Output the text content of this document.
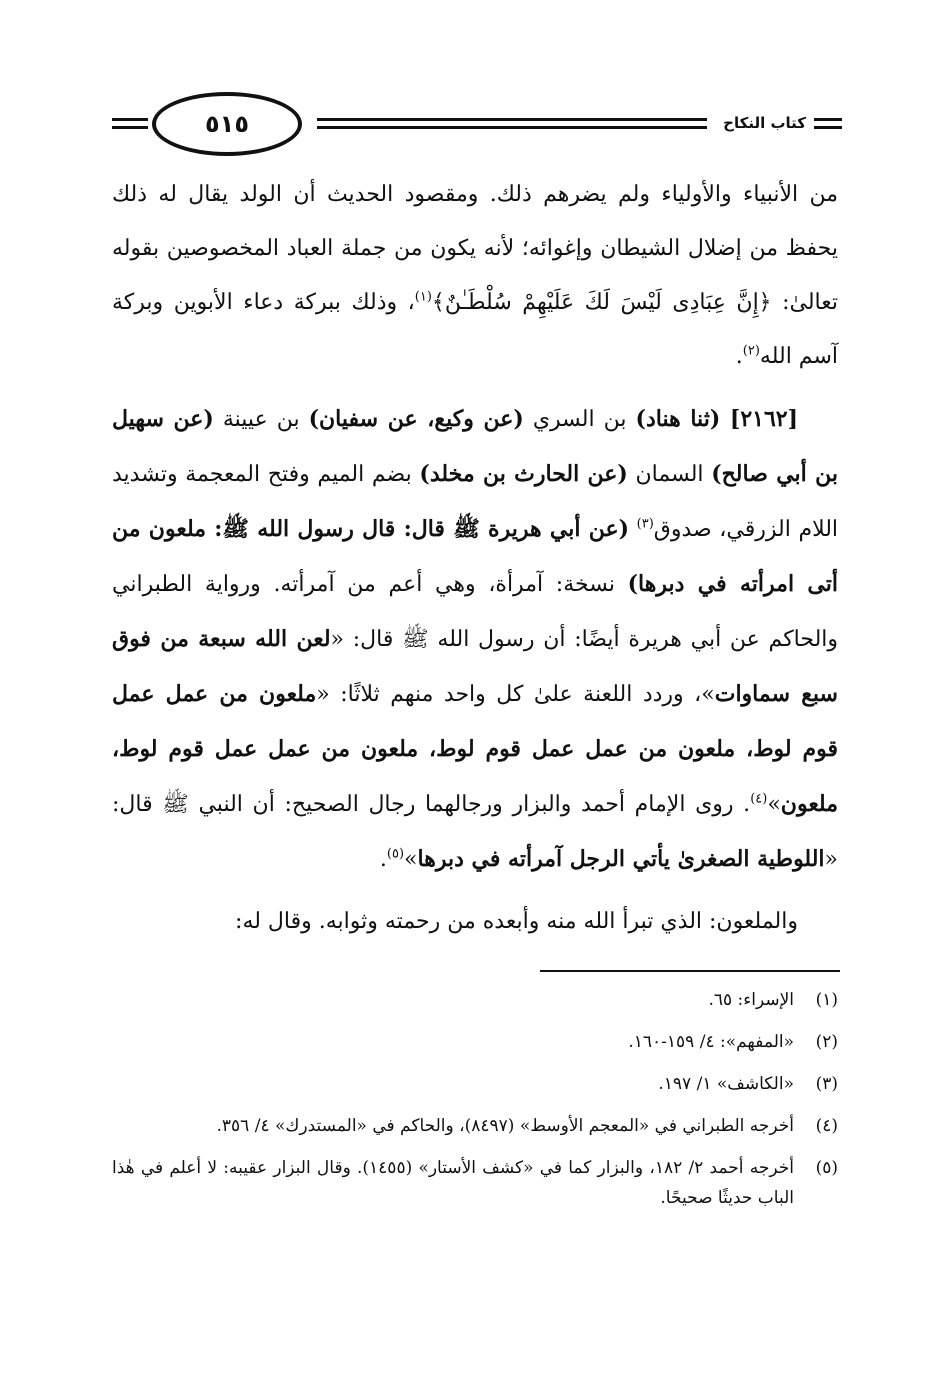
٥١٥	كتاب النكاح

من الأنبياء والأولياء ولم يضرهم ذلك. ومقصود الحديث أن الولد يقال له ذلك يحفظ من إضلال الشيطان وإغوائه؛ لأنه يكون من جملة العباد المخصوصين بقوله تعالىٰ: ﴿إِنَّ عِبَادِى لَيْسَ لَكَ عَلَيْهِمْ سُلْطَـٰنٌ﴾$^{(١)}$، وذلك ببركة دعاء الأبوين وبركة آسم الله$^{(٢)}$.

[٢١٦٢] (ثنا هناد) بن السري (عن وكيع، عن سفيان) بن عيينة (عن سهيل بن أبي صالح) السمان (عن الحارث بن مخلد) بضم الميم وفتح المعجمة وتشديد اللام الزرقي، صدوق$^{(٣)}$ (عن أبي هريرة ﷺ قال: قال رسول الله ﷺ: ملعون من أتى امرأته في دبرها) نسخة: آمرأة، وهي أعم من آمرأته. ورواية الطبراني والحاكم عن أبي هريرة أيضًا: أن رسول الله ﷺ قال: «لعن الله سبعة من فوق سبع سماوات»، وردد اللعنة علىٰ كل واحد منهم ثلاثًا: «ملعون من عمل عمل قوم لوط، ملعون من عمل عمل قوم لوط، ملعون من عمل عمل قوم لوط، ملعون»$^{(٤)}$. روى الإمام أحمد والبزار ورجالهما رجال الصحيح: أن النبي ﷺ قال: «اللوطية الصغرىٰ يأتي الرجل آمرأته في دبرها»$^{(٥)}$.

والملعون: الذي تبرأ الله منه وأبعده من رحمته وثوابه. وقال له:

(١)
الإسراء: ٦٥.
(٢)
«المفهم»: ٤/ ١٥٩-١٦٠.
(٣)
«الكاشف» ١/ ١٩٧.
(٤)
أخرجه الطبراني في «المعجم الأوسط» (٨٤٩٧)، والحاكم في «المستدرك» ٤/ ٣٥٦.
(٥)
أخرجه أحمد ٢/ ١٨٢، والبزار كما في «كشف الأستار» (١٤٥٥). وقال البزار عقيبه: لا أعلم في هٰذا الباب حديثًا صحيحًا.
